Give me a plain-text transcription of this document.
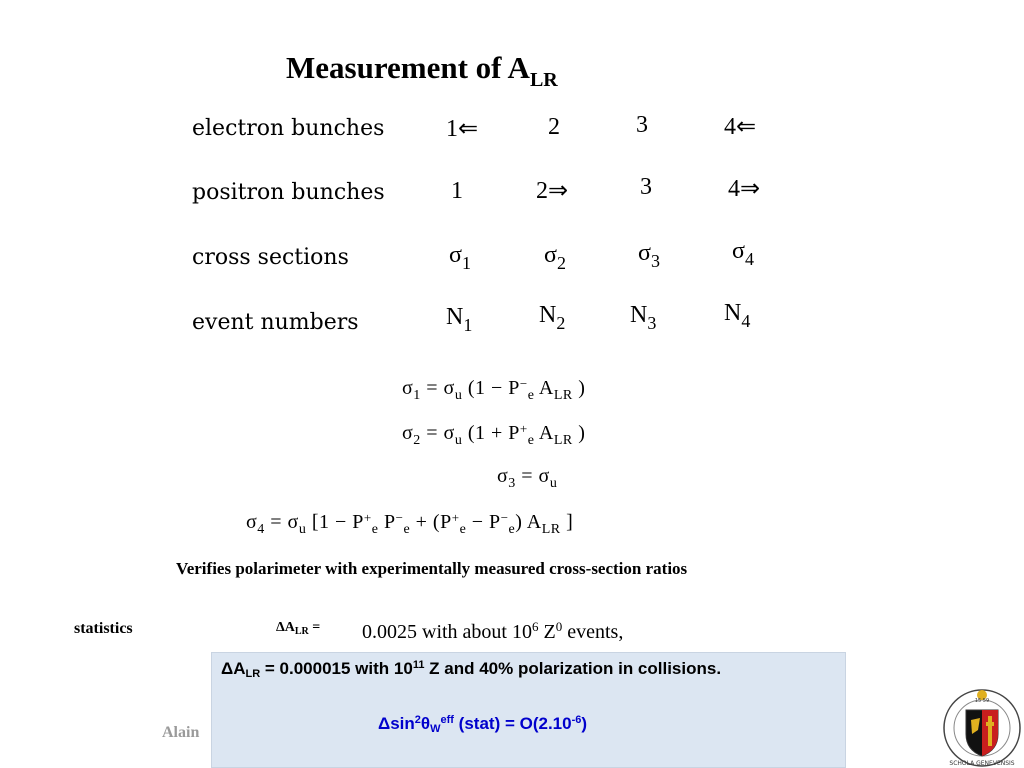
Measurement of $A_{LR}$
electron bunches	1⇐	2	3	4⇐
positron bunches	1	2⇒	3	4⇒
cross sections	$\sigma_1$	$\sigma_2$	$\sigma_3$	$\sigma_4$
event numbers	$N_1$	$N_2$	$N_3$	$N_4$
$\sigma_1 = \sigma_u$ ($1 - P^-_e$ $A_{LR}$ )
$\sigma_2 = \sigma_u$ ($1 + P^+_e$ $A_{LR}$ )
$\sigma_3 = \sigma_u$
$\sigma_4 = \sigma_u$ [$1 - P^+_e$ $P^-_e + (P^+_e - P^-_e)$ $A_{LR}$ ]
Verifies polarimeter with experimentally measured cross-section ratios
statistics	$\Delta A_{LR} = 0.0025$ with about $10^6$ $Z^0$ events,
Alain
$\Delta A_{LR} = 0.000015$ with $10^{11}$ Z and 40% polarization in collisions.
$\Delta\sin^2\theta_W^{eff}$ (stat) = $O(2.10^{-6})$
SCHOLA GENEVENSIS
15 59
